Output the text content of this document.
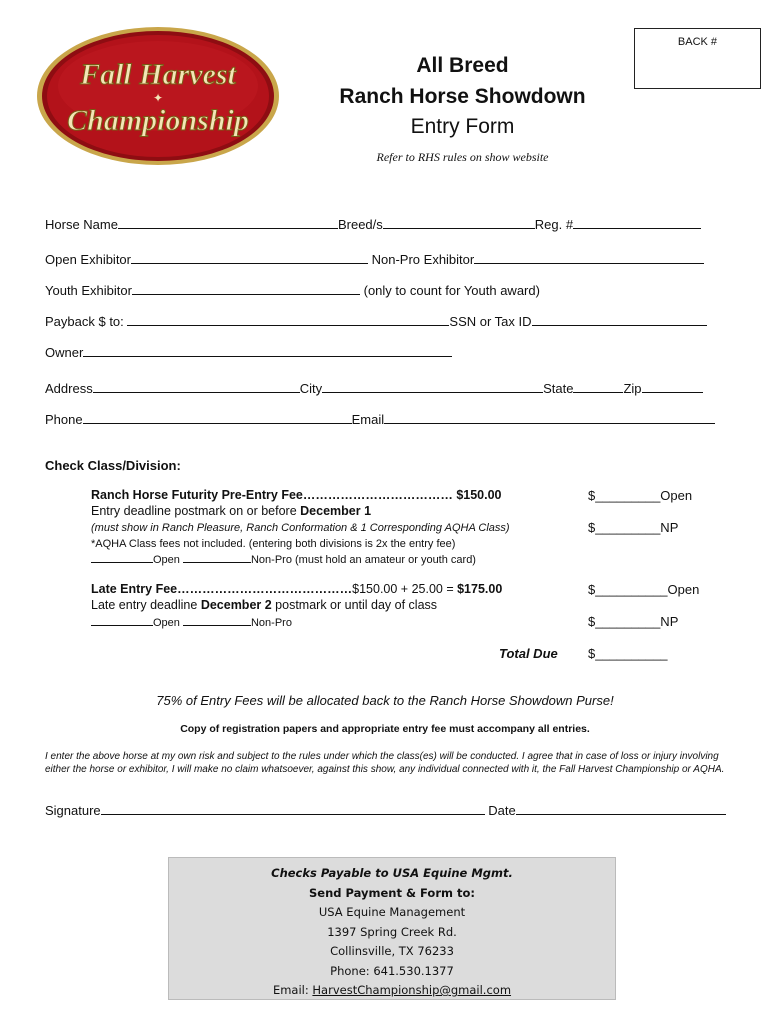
BACK #
Fall Harvest
✦
Championship
All Breed
Ranch Horse Showdown
Entry Form
Refer to RHS rules on show website
Horse Name	Breed/s	Reg. #
Open Exhibitor	Non-Pro Exhibitor
Youth Exhibitor	(only to count for Youth award)
Payback $ to:	SSN or Tax ID
Owner
Address	City	State	Zip
Phone	Email
Check Class/Division:
Ranch Horse Futurity Pre-Entry Fee……………………………… $150.00
Entry deadline postmark on or before December 1
(must show in Ranch Pleasure, Ranch Conformation & 1 Corresponding AQHA Class)
*AQHA Class fees not included. (entering both divisions is 2x the entry fee)
Open	Non-Pro (must hold an amateur or youth card)
$_________Open
$_________NP
Late Entry Fee……………………………………$150.00 + 25.00 = $175.00
Late entry deadline December 2 postmark or until day of class
Open	Non-Pro
$__________Open
$_________NP
Total Due $__________
75% of Entry Fees will be allocated back to the Ranch Horse Showdown Purse!
Copy of registration papers and appropriate entry fee must accompany all entries.
I enter the above horse at my own risk and subject to the rules under which the class(es) will be conducted. I agree that in case of loss or injury involving either the horse or exhibitor, I will make no claim whatsoever, against this show, any individual connected with it, the Fall Harvest Championship or AQHA.
Signature	Date
Checks Payable to USA Equine Mgmt.
Send Payment & Form to:
USA Equine Management
1397 Spring Creek Rd.
Collinsville, TX 76233
Phone: 641.530.1377
Email: HarvestChampionship@gmail.com
